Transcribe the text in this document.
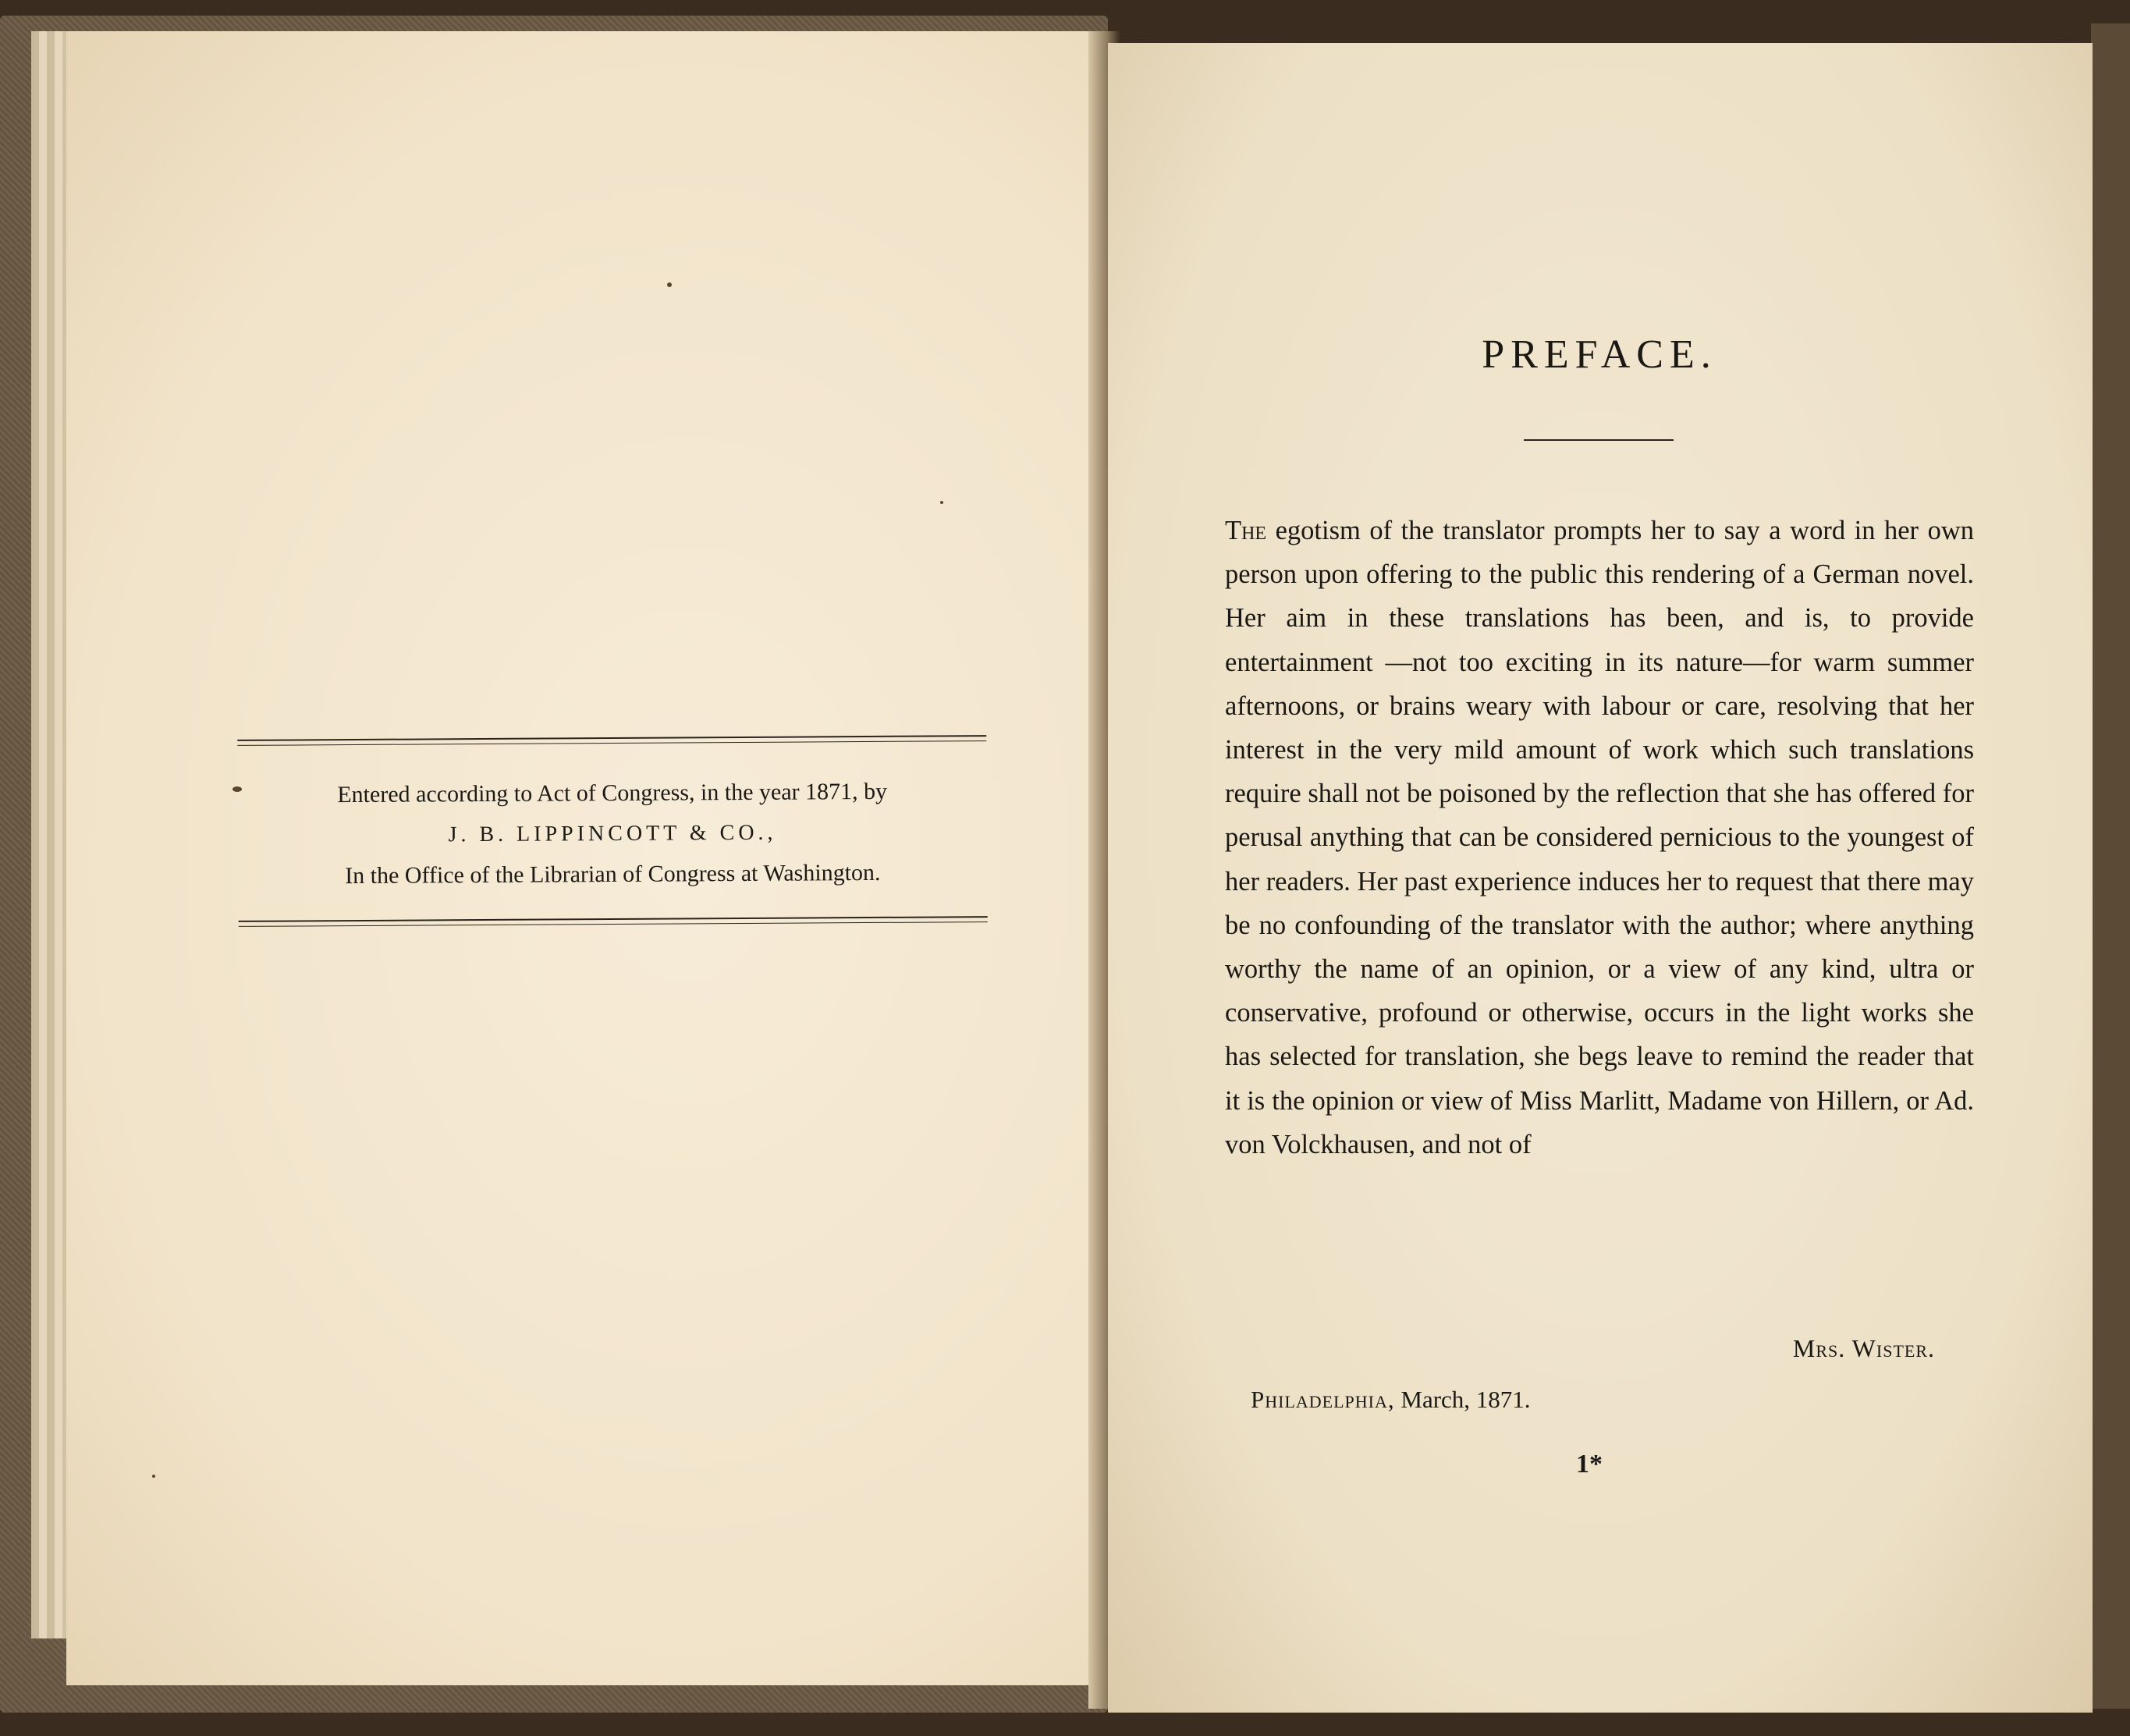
Entered according to Act of Congress, in the year 1871, by
J. B. LIPPINCOTT & CO.,
In the Office of the Librarian of Congress at Washington.
PREFACE.
The egotism of the translator prompts her to say a word in her own person upon offering to the public this rendering of a German novel. Her aim in these translations has been, and is, to provide entertainment —not too exciting in its nature—for warm summer afternoons, or brains weary with labour or care, resolving that her interest in the very mild amount of work which such translations require shall not be poisoned by the reflection that she has offered for perusal anything that can be considered pernicious to the youngest of her readers. Her past experience induces her to request that there may be no confounding of the translator with the author; where anything worthy the name of an opinion, or a view of any kind, ultra or conservative, profound or otherwise, occurs in the light works she has selected for translation, she begs leave to remind the reader that it is the opinion or view of Miss Marlitt, Madame von Hillern, or Ad. von Volckhausen, and not of
Mrs. Wister.
Philadelphia, March, 1871.
1*
